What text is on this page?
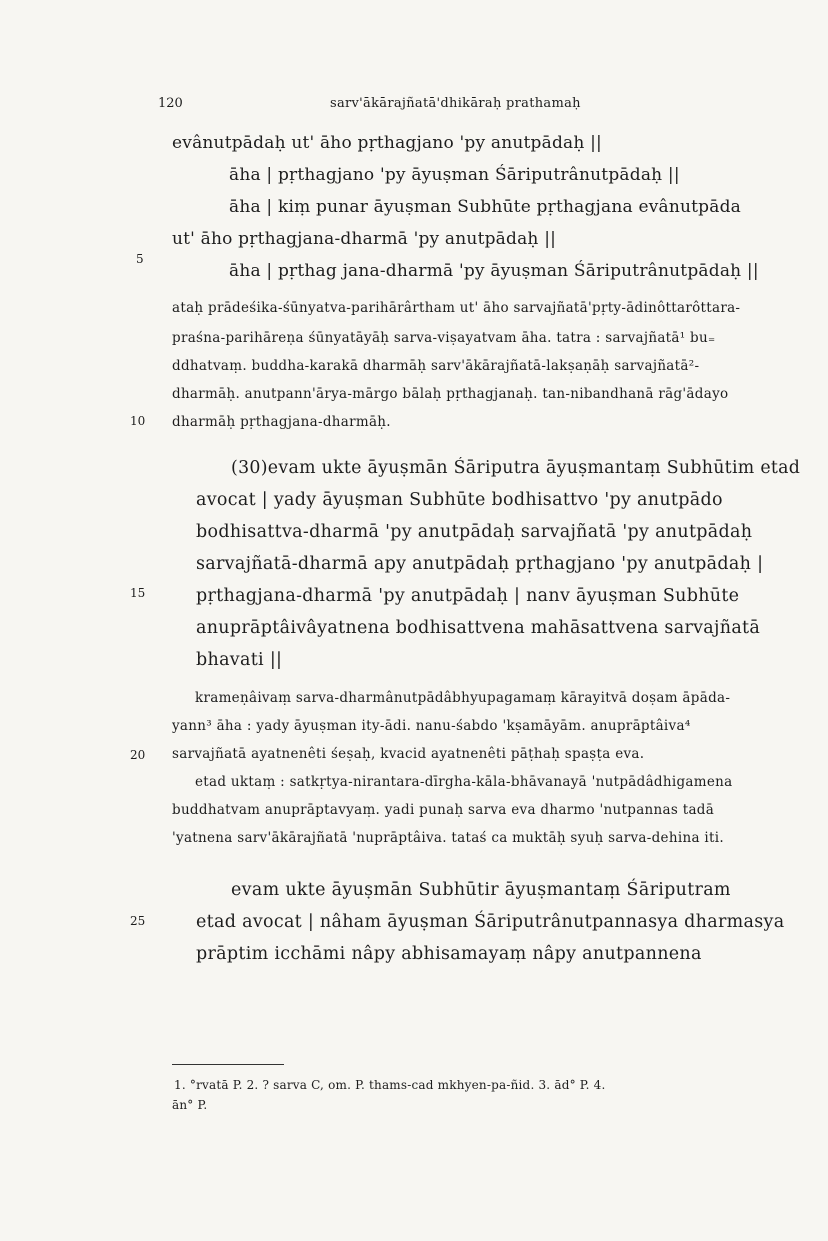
120	sarv'ākārajñatā'dhikāraḥ prathamaḥ
evânutpādaḥ ut' āho pṛthagjano 'py anutpādaḥ ||
āha | pṛthagjano 'py āyuṣman Śāriputrânutpādaḥ ||
āha | kiṃ punar āyuṣman Subhūte pṛthagjana evânutpāda
ut' āho pṛthagjana-dharmā 'py anutpādaḥ ||
āha | pṛthag jana-dharmā 'py āyuṣman Śāriputrânutpādaḥ ||
ataḥ prādeśika-śūnyatva-parihārârtham ut' āho sarvajñatā'pṛty-ādinôttarôttara-
praśna-parihāreṇa śūnyatāyāḥ sarva-viṣayatvam āha. tatra : sarvajñatā¹ bu₌
ddhatvaṃ. buddha-karakā dharmāḥ sarv'ākārajñatā-lakṣaṇāḥ sarvajñatā²-
dharmāḥ. anutpann'ārya-mārgo bālaḥ pṛthagjanaḥ. tan-nibandhanā rāg'ādayo
dharmāḥ pṛthagjana-dharmāḥ.
(30)evam ukte āyuṣmān Śāriputra āyuṣmantaṃ Subhūtim etad
avocat | yady āyuṣman Subhūte bodhisattvo 'py anutpādo
bodhisattva-dharmā 'py anutpādaḥ sarvajñatā 'py anutpādaḥ
sarvajñatā-dharmā apy anutpādaḥ pṛthagjano 'py anutpādaḥ |
pṛthagjana-dharmā 'py anutpādaḥ | nanv āyuṣman Subhūte
anuprāptâivâyatnena bodhisattvena mahāsattvena sarvajñatā
bhavati ||
krameṇâivaṃ sarva-dharmânutpādâbhyupagamaṃ kārayitvā doṣam āpāda-
yann³ āha : yady āyuṣman ity-ādi. nanu-śabdo 'kṣamāyām. anuprāptâiva⁴
sarvajñatā ayatnenêti śeṣaḥ, kvacid ayatnenêti pāṭhaḥ spaṣṭa eva.
etad uktaṃ : satkṛtya-nirantara-dīrgha-kāla-bhāvanayā 'nutpādâdhigamena
buddhatvam anuprāptavyaṃ. yadi punaḥ sarva eva dharmo 'nutpannas tadā
'yatnena sarv'ākārajñatā 'nuprāptâiva. tataś ca muktāḥ syuḥ sarva-dehina iti.
evam ukte āyuṣmān Subhūtir āyuṣmantaṃ Śāriputram
etad avocat | nâham āyuṣman Śāriputrânutpannasya dharmasya
prāptim icchāmi nâpy abhisamayaṃ nâpy anutpannena
5
10
15
20
25
1. °rvatā P. 2. ? sarva C, om. P. thams-cad mkhyen-pa-ñid. 3. ād° P. 4.
ān° P.
